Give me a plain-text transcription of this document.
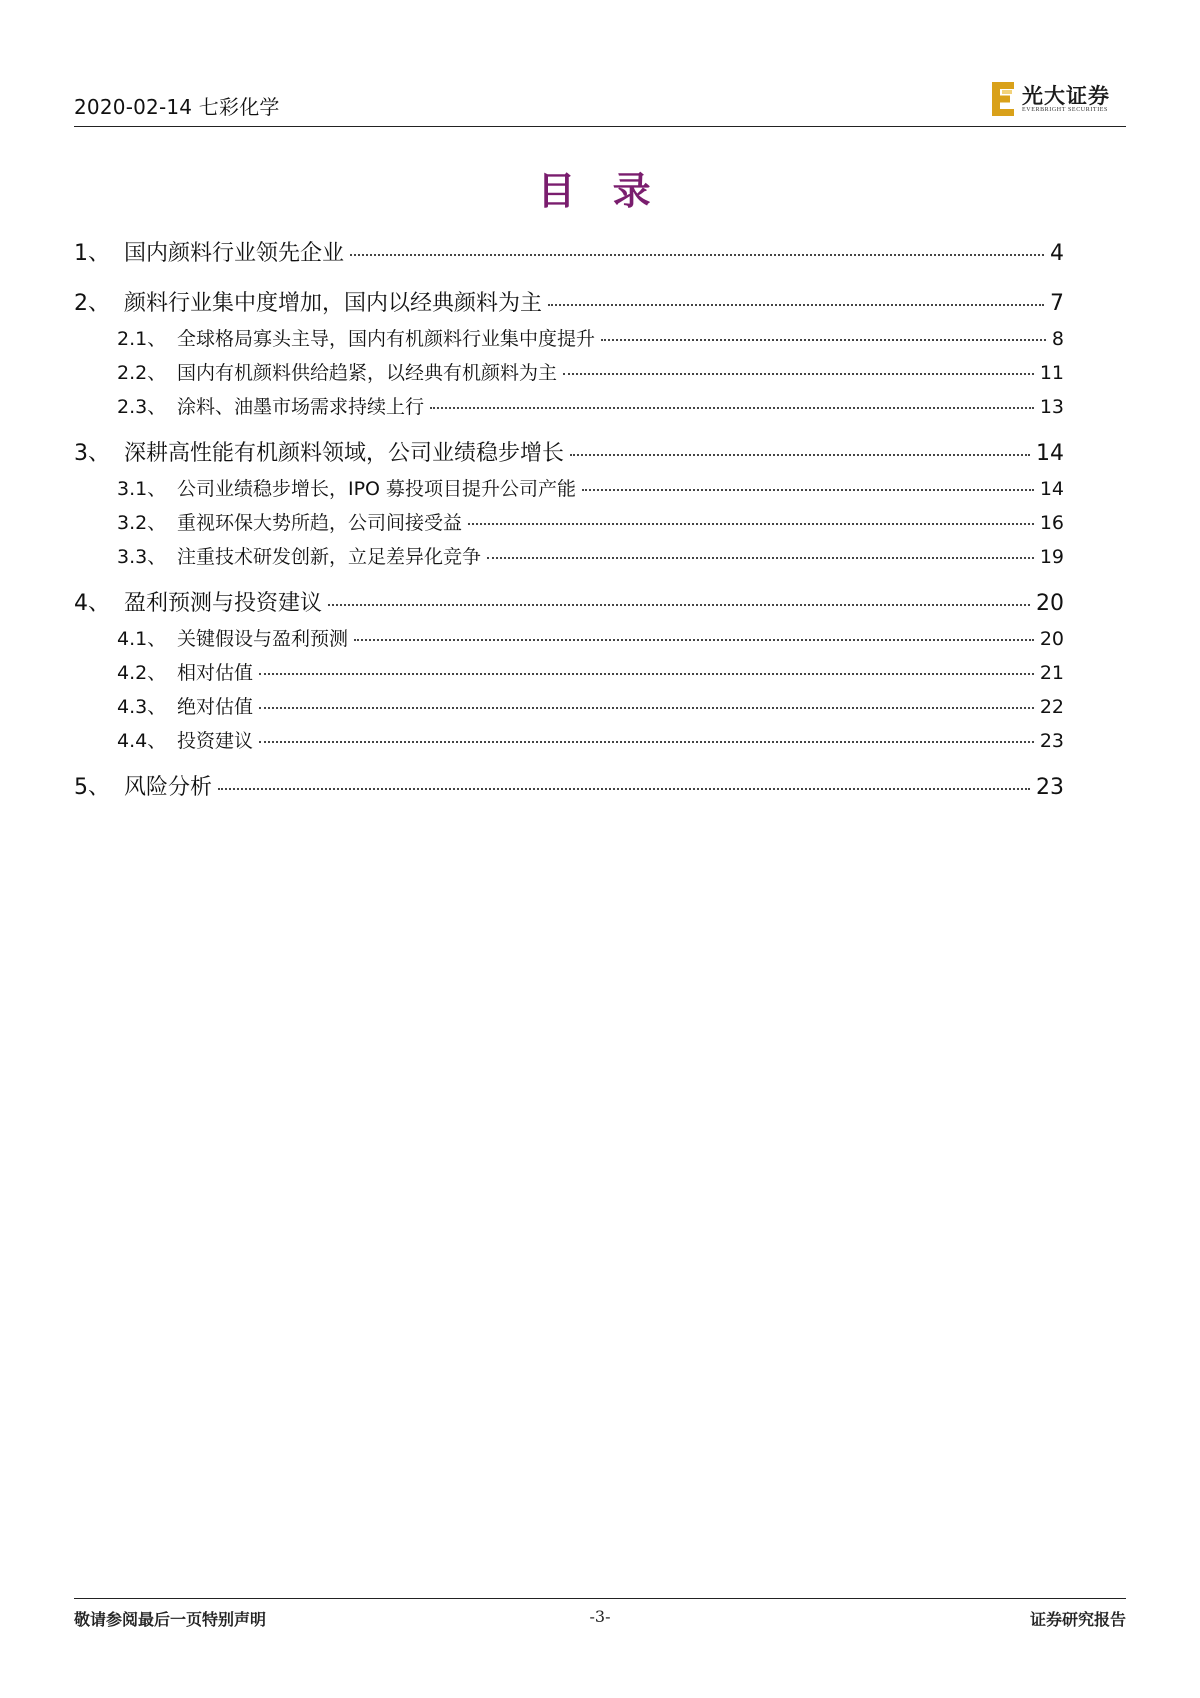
2020-02-14 七彩化学	光大证券
EVERBRIGHT SECURITIES
目 录
1、 国内颜料行业领先企业	4
2、 颜料行业集中度增加，国内以经典颜料为主	7
2.1、 全球格局寡头主导，国内有机颜料行业集中度提升	8
2.2、 国内有机颜料供给趋紧，以经典有机颜料为主	11
2.3、 涂料、油墨市场需求持续上行	13
3、 深耕高性能有机颜料领域，公司业绩稳步增长	14
3.1、 公司业绩稳步增长，IPO 募投项目提升公司产能	14
3.2、 重视环保大势所趋，公司间接受益	16
3.3、 注重技术研发创新，立足差异化竞争	19
4、 盈利预测与投资建议	20
4.1、 关键假设与盈利预测	20
4.2、 相对估值	21
4.3、 绝对估值	22
4.4、 投资建议	23
5、 风险分析	23
敬请参阅最后一页特别声明	-3-	证券研究报告
